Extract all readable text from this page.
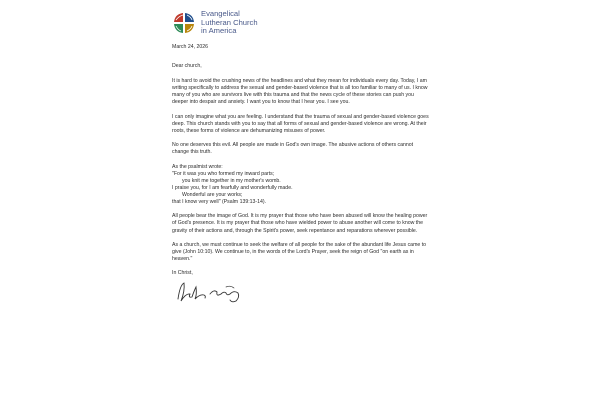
Evangelical
Lutheran Church
in America

March 24, 2026

Dear church,

It is hard to avoid the crushing news of the headlines and what they mean for individuals every day. Today, I am writing specifically to address the sexual and gender-based violence that is all too familiar to many of us. I know many of you who are survivors live with this trauma and that the news cycle of these stories can push you deeper into despair and anxiety. I want you to know that I hear you. I see you.

I can only imagine what you are feeling. I understand that the trauma of sexual and gender-based violence goes deep. This church stands with you to say that all forms of sexual and gender-based violence are wrong. At their roots, these forms of violence are dehumanizing misuses of power.

No one deserves this evil. All people are made in God's own image. The abusive actions of others cannot change this truth.

As the psalmist wrote:

"For it was you who formed my inward parts;
you knit me together in my mother's womb.
I praise you, for I am fearfully and wonderfully made.
Wonderful are your works;
that I know very well" (Psalm 139:13-14).

All people bear the image of God. It is my prayer that those who have been abused will know the healing power of God's presence. It is my prayer that those who have wielded power to abuse another will come to know the gravity of their actions and, through the Spirit's power, seek repentance and reparations wherever possible.

As a church, we must continue to seek the welfare of all people for the sake of the abundant life Jesus came to give (John 10:10). We continue to, in the words of the Lord's Prayer, seek the reign of God "on earth as in heaven."

In Christ,
